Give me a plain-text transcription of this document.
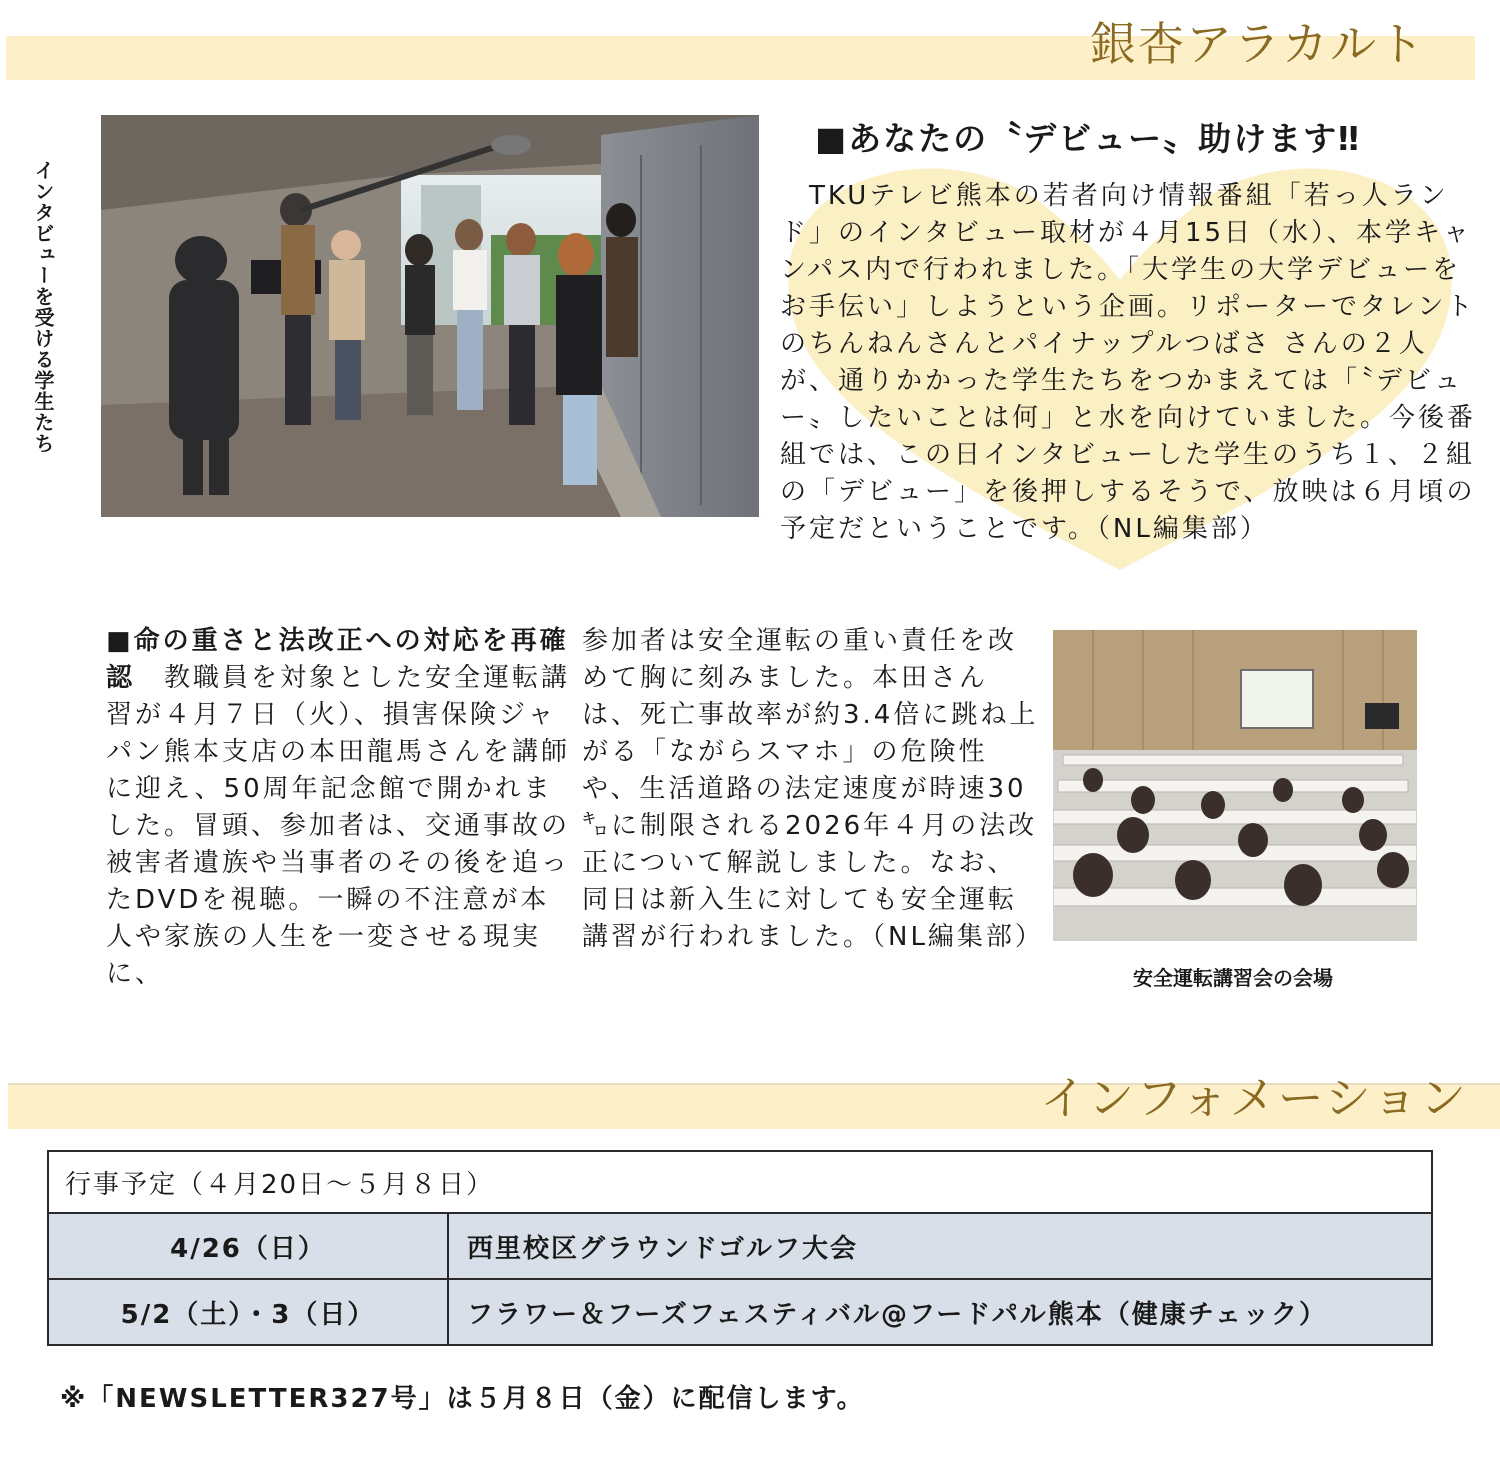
銀杏アラカルト
インタビューを受ける学生たち
■あなたの〝デビュー〟助けます‼

　TKUテレビ熊本の若者向け情報番組「若っ人ランド」のインタビュー取材が４月15日（水）、本学キャンパス内で行われました。「大学生の大学デビューをお手伝い」しようという企画。リポーターでタレントのちんねんさんとパイナップルつばさ さんの２人が、通りかかった学生たちをつかまえては「〝デビュー〟したいことは何」と水を向けていました。今後番組では、この日インタビューした学生のうち１、２組の「デビュー」を後押しするそうで、放映は６月頃の予定だということです。（NL編集部）

■命の重さと法改正への対応を再確認　 教職員を対象とした安全運転講習が４月７日（火）、損害保険ジャパン熊本支店の本田龍馬さんを講師に迎え、50周年記念館で開かれました。冒頭、参加者は、交通事故の被害者遺族や当事者のその後を追ったDVDを視聴。一瞬の不注意が本人や家族の人生を一変させる現実に、

参加者は安全運転の重い責任を改めて胸に刻みました。本田さんは、死亡事故率が約3.4倍に跳ね上がる「ながらスマホ」の危険性や、生活道路の法定速度が時速30㌔に制限される2026年４月の法改正について解説しました。なお、同日は新入生に対しても安全運転講習が行われました。（NL編集部）

安全運転講習会の会場
インフォメーション
行事予定（４月20日～５月８日）	
4/26（日）	西里校区グラウンドゴルフ大会
5/2（土）・3（日）	フラワー＆フーズフェスティバル@フードパル熊本（健康チェック）
※「NEWSLETTER327号」は５月８日（金）に配信します。
